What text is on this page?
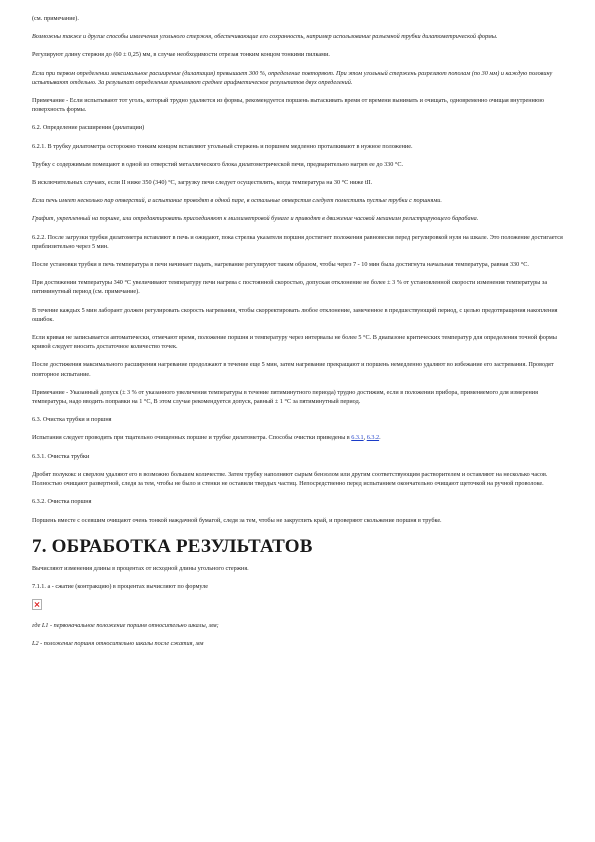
(см. примечание).

Возможны также и другие способы извлечения угольного стержня, обеспечивающие его сохранность, например использование разъемной трубки дилатометрической формы.

Регулируют длину стержня до (60 ± 0,25) мм, в случае необходимости отрезая тонким концом тонкими пилками.

Если при первом определении максимальное расширение (дилатация) превышает 300 %, определение повторяют. При этом угольный стержень разрезают пополам (по 30 мм) и каждую половину испытывают отдельно. За результат определения принимают среднее арифметическое результатов двух определений.

Примечание - Если испытывают тот уголь, который трудно удаляется из формы, рекомендуется поршень вытаскивать время от времени вынимать и очищать, одновременно очищая внутреннюю поверхность формы.

6.2. Определение расширения (дилатации)

6.2.1. В трубку дилатометра осторожно тонким концом вставляют угольный стержень и поршнем медленно проталкивают в нужное положение.

Трубку с содержимым помещают в одной из отверстий металлического блока дилатометрической печи, предварительно нагрев ее до 330 °С.

В исключительных случаях, если II ниже 350 (340) °С, загрузку печи следует осуществлять, когда температура на 30 °С ниже tII.

Если печь имеет несколько пар отверстий, а испытание проводят в одной паре, в остальные отверстия следует поместить пустые трубки с поршнями.

Графит, укрепленный на поршне, или отредактировать присоединяют к миллиметровой бумаге и приводят в движение часовой механизм регистрирующего барабана.

6.2.2. После загрузки трубки дилатометра вставляют в печь и ожидают, пока стрелка указателя поршня достигнет положения равновесия перед регулировкой нуля на шкале. Это положение достигается приблизительно через 5 мин.

После установки трубки в печь температура в печи начинает падать, нагревание регулируют таким образом, чтобы через 7 - 10 мин была достигнута начальная температура, равная 330 °С.

При достижении температуры 340 °С увеличивают температуру печи нагрева с постоянной скоростью, допуская отклонение не более ± 3 % от установленной скорости изменения температуры за пятиминутный период (см. примечание).

В течение каждых 5 мин лаборант должен регулировать скорость нагревания, чтобы скорректировать любое отклонение, замеченное в предшествующий период, с целью предотвращения накопления ошибок.

Если кривая не записывается автоматически, отмечают время, положение поршня и температуру через интервалы не более 5 °С. В диапазоне критических температур для определения точной формы кривой следует вносить достаточное количество точек.

После достижения максимального расширения нагревание продолжают в течение еще 5 мин, затем нагревание прекращают и поршень немедленно удаляют во избежание его застревания. Проводят повторное испытание.

Примечание - Указанный допуск (± 3 % от указанного увеличения температуры в течение пятиминутного периода) трудно достижим, если в положении прибора, применяемого для измерения температуры, надо вводить поправки на 1 °С, В этом случае рекомендуется допуск, равный ± 1 °С за пятиминутный период.

6.3. Очистка трубки и поршня

Испытания следует проводить при тщательно очищенных поршне и трубке дилатометра. Способы очистки приведены в 6.3.1, 6.3.2.

6.3.1. Очистка трубки

Дробят полукокс и сверлом удаляют его в возможно большем количестве. Затем трубку наполняют сырым бензолом или другим соответствующим растворителем и оставляют на несколько часов. Полностью очищают развертной, следя за тем, чтобы не было и стенки не оставили твердых частиц. Непосредственно перед испытанием окончательно очищают щеточкой на ручной проволоке.

6.3.2. Очистка поршня

Поршень вместе с осевшим очищают очень тонкой наждачной бумагой, следя за тем, чтобы не закруглить край, и проверяют скольжение поршня в трубке.

7. ОБРАБОТКА РЕЗУЛЬТАТОВ

Вычисляют изменения длины в процентах от исходной длины угольного стержня.

7.1.1. a - сжатие (контракцию) в процентах вычисляют по формуле

где L1 - первоначальное положение поршня относительно шкалы, мм;

L2 - положение поршня относительно шкалы после сжатия, мм
